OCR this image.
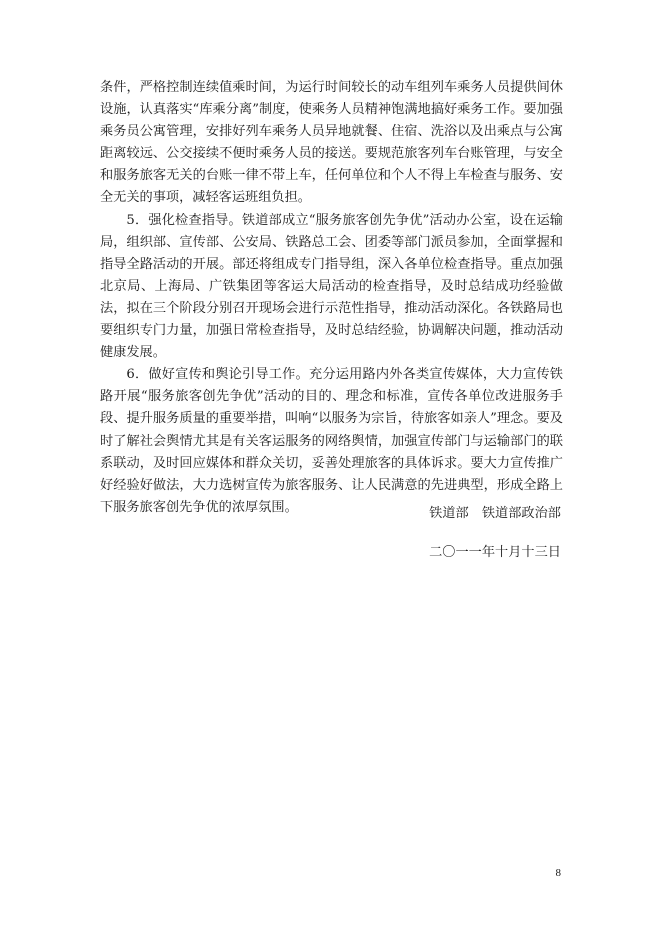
条件，严格控制连续值乘时间，为运行时间较长的动车组列车乘务人员提供间休设施，认真落实“库乘分离”制度，使乘务人员精神饱满地搞好乘务工作。要加强乘务员公寓管理，安排好列车乘务人员异地就餐、住宿、洗浴以及出乘点与公寓距离较远、公交接续不便时乘务人员的接送。要规范旅客列车台账管理，与安全和服务旅客无关的台账一律不带上车，任何单位和个人不得上车检查与服务、安全无关的事项，减轻客运班组负担。

5．强化检查指导。铁道部成立“服务旅客创先争优”活动办公室，设在运输局，组织部、宣传部、公安局、铁路总工会、团委等部门派员参加，全面掌握和指导全路活动的开展。部还将组成专门指导组，深入各单位检查指导。重点加强北京局、上海局、广铁集团等客运大局活动的检查指导，及时总结成功经验做法，拟在三个阶段分别召开现场会进行示范性指导，推动活动深化。各铁路局也要组织专门力量，加强日常检查指导，及时总结经验，协调解决问题，推动活动健康发展。

6．做好宣传和舆论引导工作。充分运用路内外各类宣传媒体，大力宣传铁路开展“服务旅客创先争优”活动的目的、理念和标准，宣传各单位改进服务手段、提升服务质量的重要举措，叫响“以服务为宗旨，待旅客如亲人”理念。要及时了解社会舆情尤其是有关客运服务的网络舆情，加强宣传部门与运输部门的联系联动，及时回应媒体和群众关切，妥善处理旅客的具体诉求。要大力宣传推广好经验好做法，大力选树宣传为旅客服务、让人民满意的先进典型，形成全路上下服务旅客创先争优的浓厚氛围。	铁道部　铁道部政治部
二〇一一年十月十三日
8
